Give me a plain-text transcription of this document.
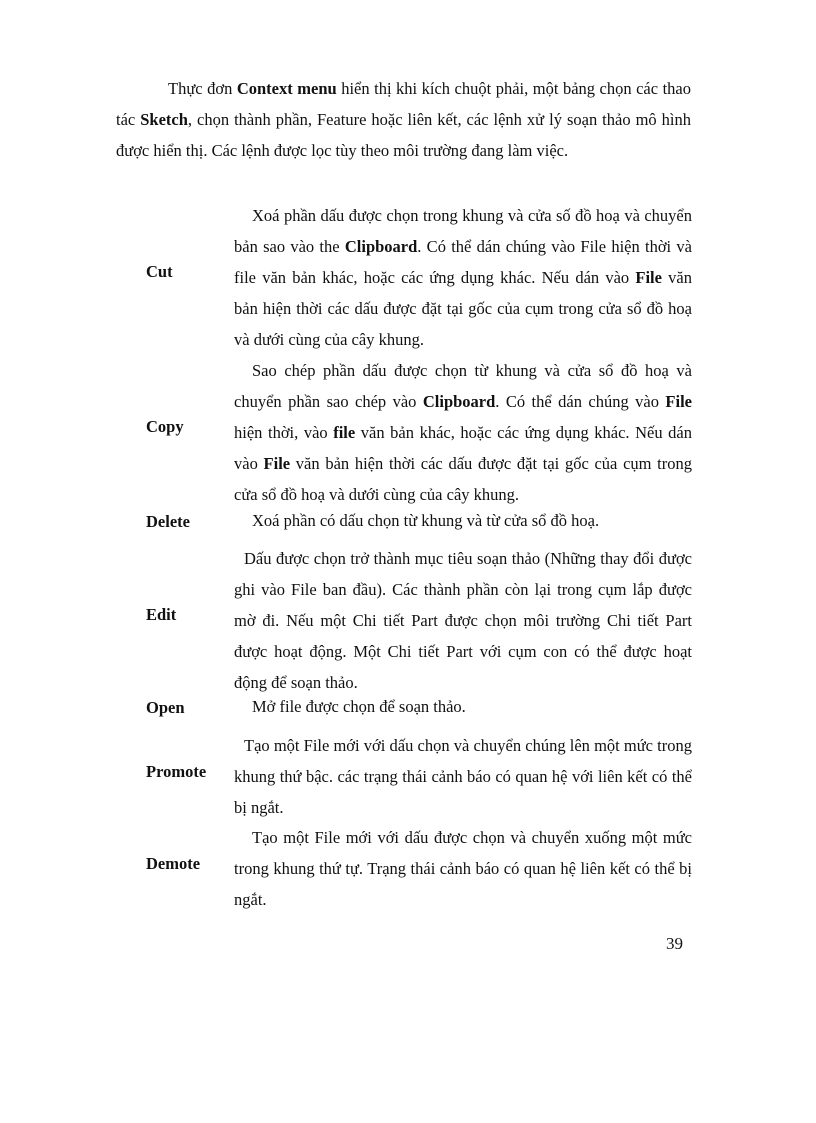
Thực đơn Context menu hiển thị khi kích chuột phải, một bảng chọn các thao tác Sketch, chọn thành phần, Feature hoặc liên kết, các lệnh xử lý soạn thảo mô hình được hiển thị. Các lệnh được lọc tùy theo môi trường đang làm việc.

Cut

Xoá phần dấu được chọn trong khung và cửa số đồ hoạ và chuyển bản sao vào the Clipboard. Có thể dán chúng vào File hiện thời và file văn bản khác, hoặc các ứng dụng khác. Nếu dán vào File văn bản hiện thời các dấu được đặt tại gốc của cụm trong cửa sổ đồ hoạ và dưới cùng của cây khung.

Copy

Sao chép phần dấu được chọn từ khung và cửa sổ đồ hoạ và chuyển phần sao chép vào Clipboard. Có thể dán chúng vào File hiện thời, vào file văn bản khác, hoặc các ứng dụng khác. Nếu dán vào File văn bản hiện thời các dấu được đặt tại gốc của cụm trong cửa sổ đồ hoạ và dưới cùng của cây khung.

Delete	Xoá phần có dấu chọn từ khung và từ cửa sổ đồ hoạ.

Edit

Dấu được chọn trở thành mục tiêu soạn thảo (Những thay đổi được ghi vào File ban đầu). Các thành phần còn lại trong cụm lắp được mờ đi. Nếu một Chi tiết Part được chọn môi trường Chi tiết Part được hoạt động. Một Chi tiết Part với cụm con có thể được hoạt động để soạn thảo.

Open	Mở file được chọn để soạn thảo.

Promote

Tạo một File mới với dấu chọn và chuyển chúng lên một mức trong khung thứ bậc. các trạng thái cảnh báo có quan hệ với liên kết có thể bị ngắt.

Demote

Tạo một File mới với dấu được chọn và chuyển xuống một mức trong khung thứ tự. Trạng thái cảnh báo có quan hệ liên kết có thể bị ngắt.

39
